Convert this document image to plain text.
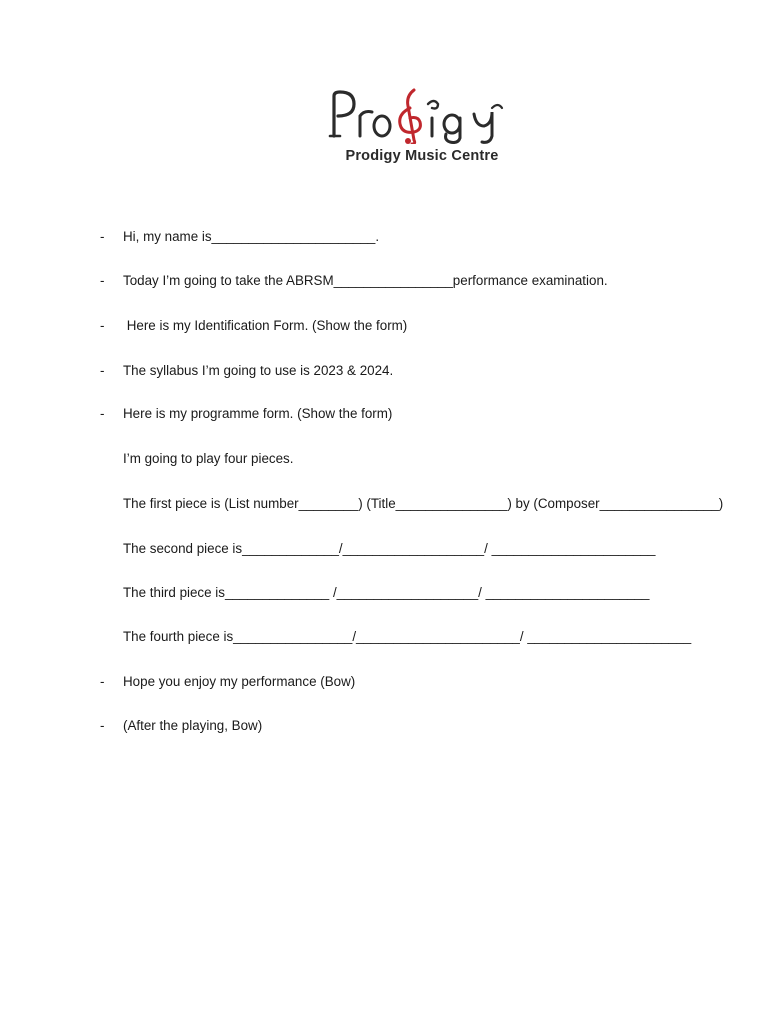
Prodigy Music Centre
- Hi, my name is______________________.
- Today I’m going to take the ABRSM________________performance examination.
- Here is my Identification Form. (Show the form)
- The syllabus I’m going to use is 2023 & 2024.
- Here is my programme form. (Show the form)
I’m going to play four pieces.
The first piece is (List number________) (Title_______________) by (Composer________________)
The second piece is_____________/___________________/ ______________________
The third piece is______________ /___________________/ ______________________
The fourth piece is________________/______________________/ ______________________
- Hope you enjoy my performance (Bow)
- (After the playing, Bow)
